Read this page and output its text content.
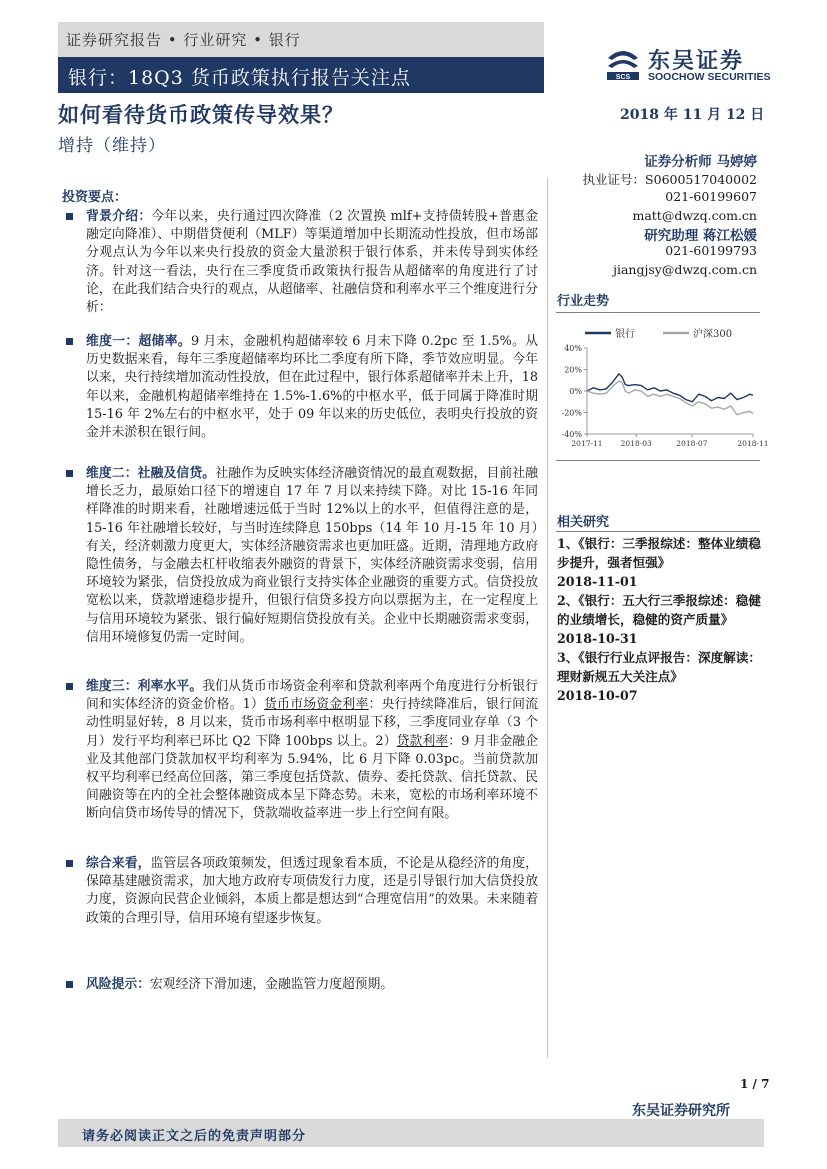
证券研究报告 • 行业研究 • 银行
银行：18Q3 货币政策执行报告关注点	SCS
东吴证券
SOOCHOW SECURITIES
如何看待货币政策传导效果？
增持（维持）
2018 年 11 月 12 日
证券分析师 马婷婷
执业证号：S0600517040002
021-60199607
matt@dwzq.com.cn
研究助理 蒋江松媛
021-60199793
jiangjsy@dwzq.com.cn
投资要点：
背景介绍：今年以来，央行通过四次降准（2 次置换 mlf+支持债转股+普惠金融定向降准）、中期借贷便利（MLF）等渠道增加中长期流动性投放，但市场部分观点认为今年以来央行投放的资金大量淤积于银行体系，并未传导到实体经济。针对这一看法，央行在三季度货币政策执行报告从超储率的角度进行了讨论，在此我们结合央行的观点，从超储率、社融信贷和利率水平三个维度进行分析：
维度一：超储率。9 月末，金融机构超储率较 6 月末下降 0.2pc 至 1.5%。从历史数据来看，每年三季度超储率均环比二季度有所下降，季节效应明显。今年以来，央行持续增加流动性投放，但在此过程中，银行体系超储率并未上升，18 年以来，金融机构超储率维持在 1.5%-1.6%的中枢水平，低于同属于降准时期 15-16 年 2%左右的中枢水平，处于 09 年以来的历史低位，表明央行投放的资金并未淤积在银行间。
维度二：社融及信贷。社融作为反映实体经济融资情况的最直观数据，目前社融增长乏力，最原始口径下的增速自 17 年 7 月以来持续下降。对比 15-16 年同样降准的时期来看，社融增速远低于当时 12%以上的水平，但值得注意的是，15-16 年社融增长较好，与当时连续降息 150bps（14 年 10 月-15 年 10 月）有关，经济刺激力度更大，实体经济融资需求也更加旺盛。近期，清理地方政府隐性债务，与金融去杠杆收缩表外融资的背景下，实体经济融资需求变弱，信用环境较为紧张，信贷投放成为商业银行支持实体企业融资的重要方式。信贷投放宽松以来，贷款增速稳步提升，但银行信贷多投方向以票据为主，在一定程度上与信用环境较为紧张、银行偏好短期信贷投放有关。企业中长期融资需求变弱，信用环境修复仍需一定时间。
维度三：利率水平。我们从货币市场资金利率和贷款利率两个角度进行分析银行间和实体经济的资金价格。1）货币市场资金利率：央行持续降准后，银行间流动性明显好转，8 月以来，货币市场利率中枢明显下移，三季度同业存单（3 个月）发行平均利率已环比 Q2 下降 100bps 以上。2）贷款利率：9 月非金融企业及其他部门贷款加权平均利率为 5.94%，比 6 月下降 0.03pc。当前贷款加权平均利率已经高位回落，第三季度包括贷款、债券、委托贷款、信托贷款、民间融资等在内的全社会整体融资成本呈下降态势。未来，宽松的市场利率环境不断向信贷市场传导的情况下，贷款端收益率进一步上行空间有限。
综合来看，监管层各项政策频发，但透过现象看本质，不论是从稳经济的角度，保障基建融资需求，加大地方政府专项债发行力度，还是引导银行加大信贷投放力度，资源向民营企业倾斜，本质上都是想达到“合理宽信用”的效果。未来随着政策的合理引导，信用环境有望逐步恢复。
风险提示：宏观经济下滑加速，金融监管力度超预期。
行业走势
银行	沪深300
40%
20%
0%
-20%
-40%
2017-11 2018-03	2018-07	2018-11
相关研究
1、《银行：三季报综述：整体业绩稳步提升，强者恒强》
2018-11-01
2、《银行：五大行三季报综述：稳健的业绩增长，稳健的资产质量》
2018-10-31
3、《银行行业点评报告：深度解读：理财新规五大关注点》
2018-10-07
1 / 7
东吴证券研究所
请务必阅读正文之后的免责声明部分
